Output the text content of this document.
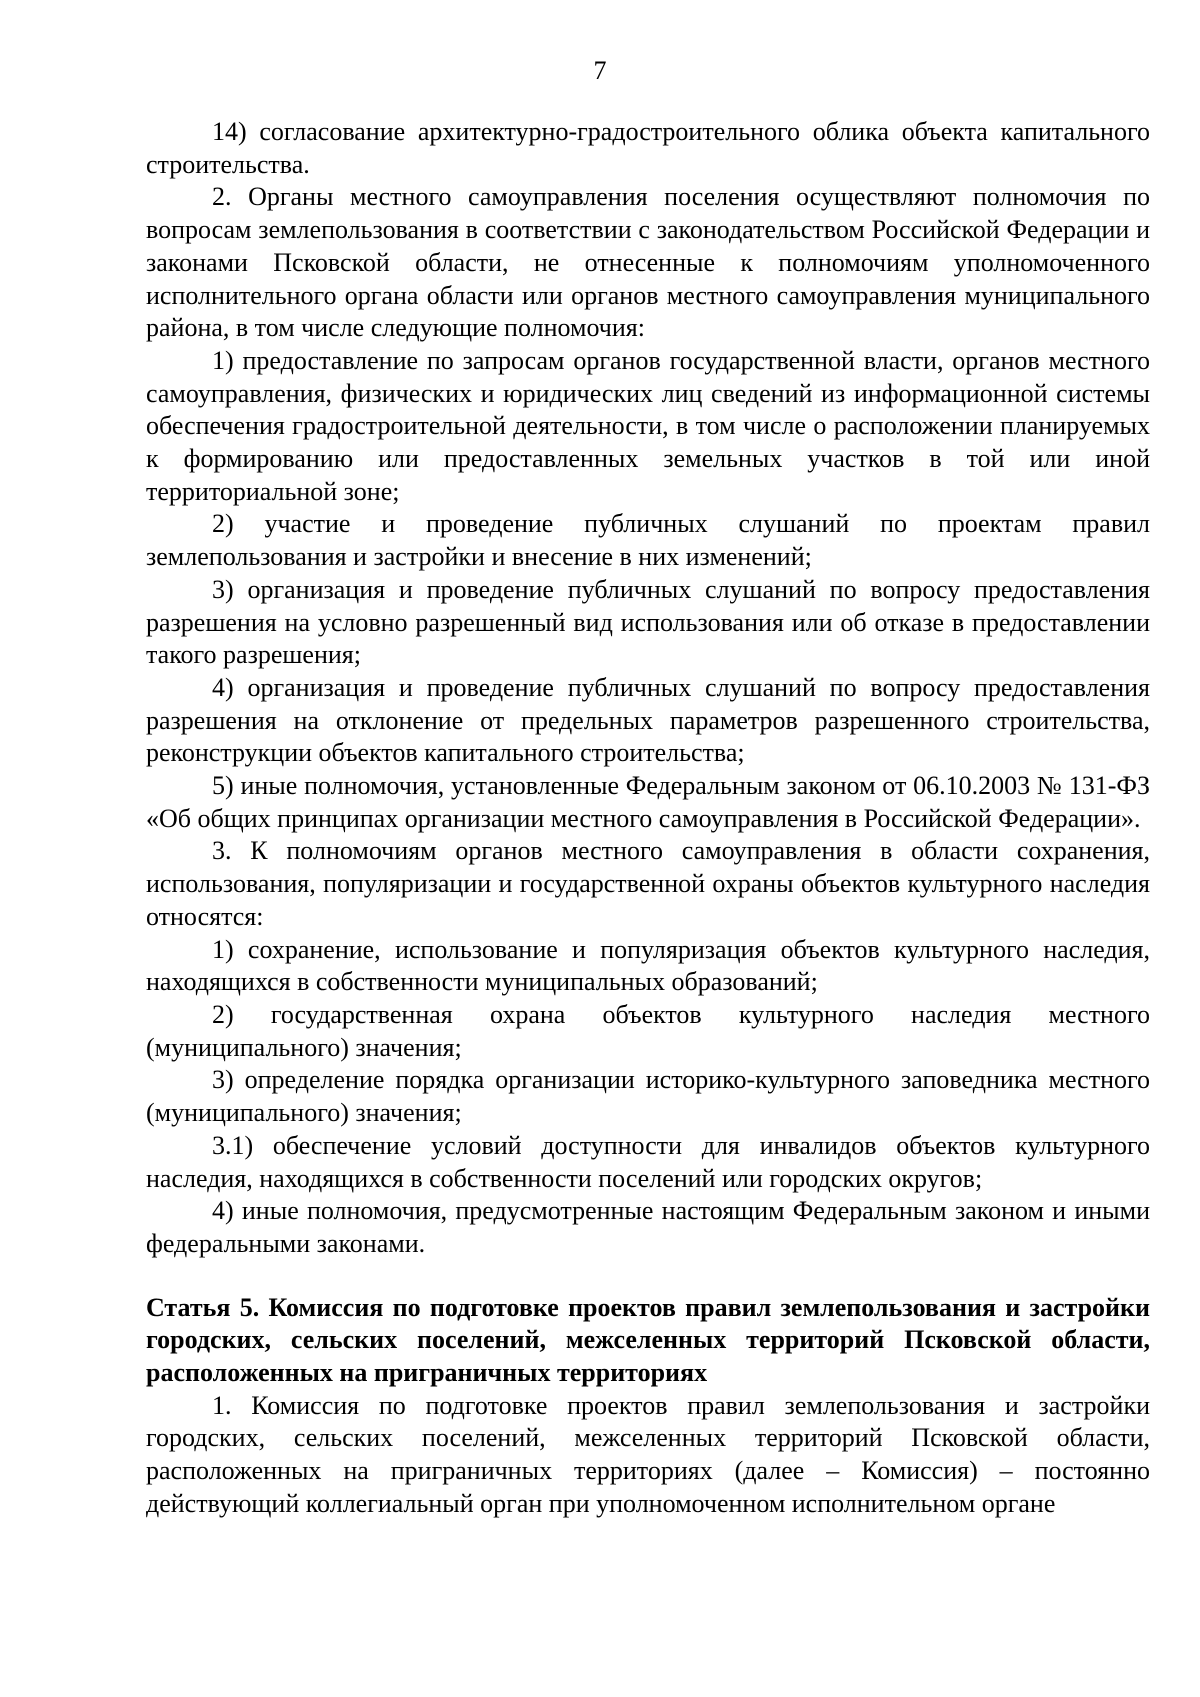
7

14) согласование архитектурно-градостроительного облика объекта капитального строительства.

2. Органы местного самоуправления поселения осуществляют полномочия по вопросам землепользования в соответствии с законодательством Российской Федерации и законами Псковской области, не отнесенные к полномочиям уполномоченного исполнительного органа области или органов местного самоуправления муниципального района, в том числе следующие полномочия:

1) предоставление по запросам органов государственной власти, органов местного самоуправления, физических и юридических лиц сведений из информационной системы обеспечения градостроительной деятельности, в том числе о расположении планируемых к формированию или предоставленных земельных участков в той или иной территориальной зоне;

2) участие и проведение публичных слушаний по проектам правил землепользования и застройки и внесение в них изменений;

3) организация и проведение публичных слушаний по вопросу предоставления разрешения на условно разрешенный вид использования или об отказе в предоставлении такого разрешения;

4) организация и проведение публичных слушаний по вопросу предоставления разрешения на отклонение от предельных параметров разрешенного строительства, реконструкции объектов капитального строительства;

5) иные полномочия, установленные Федеральным законом от 06.10.2003 № 131-ФЗ «Об общих принципах организации местного самоуправления в Российской Федерации».

3. К полномочиям органов местного самоуправления в области сохранения, использования, популяризации и государственной охраны объектов культурного наследия относятся:

1) сохранение, использование и популяризация объектов культурного наследия, находящихся в собственности муниципальных образований;

2) государственная охрана объектов культурного наследия местного (муниципального) значения;

3) определение порядка организации историко-культурного заповедника местного (муниципального) значения;

3.1) обеспечение условий доступности для инвалидов объектов культурного наследия, находящихся в собственности поселений или городских округов;

4) иные полномочия, предусмотренные настоящим Федеральным законом и иными федеральными законами.

Статья 5. Комиссия по подготовке проектов правил землепользования и застройки городских, сельских поселений, межселенных территорий Псковской области, расположенных на приграничных территориях

1. Комиссия по подготовке проектов правил землепользования и застройки городских, сельских поселений, межселенных территорий Псковской области, расположенных на приграничных территориях (далее – Комиссия) – постоянно действующий коллегиальный орган при уполномоченном исполнительном органе
